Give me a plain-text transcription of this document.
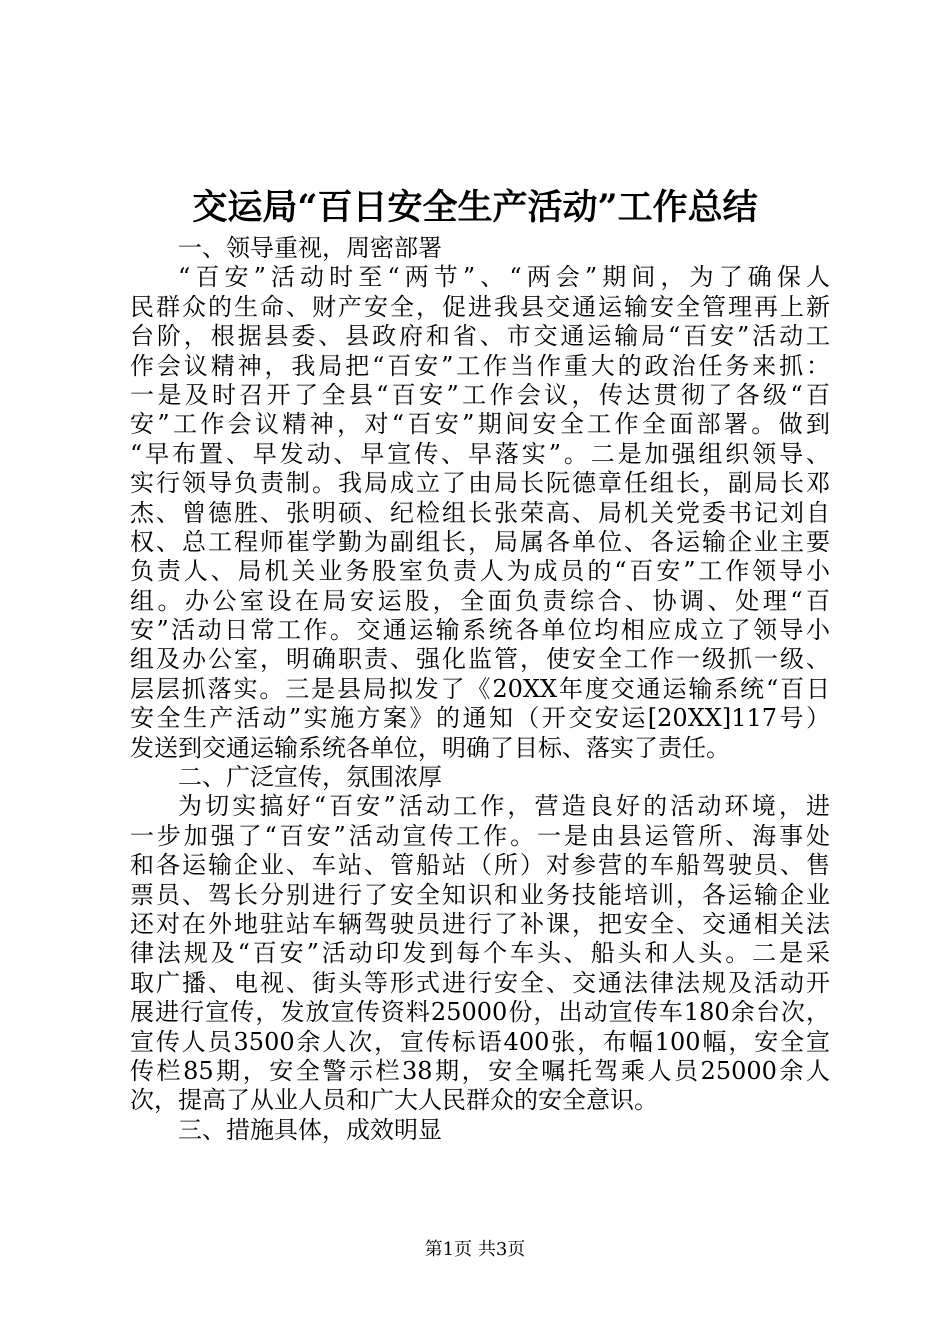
交运局“百日安全生产活动”工作总结
一、领导重视，周密部署
“百安”活动时至“两节”、“两会”期间，为了确保人
民群众的生命、财产安全，促进我县交通运输安全管理再上新
台阶，根据县委、县政府和省、市交通运输局“百安”活动工
作会议精神，我局把“百安”工作当作重大的政治任务来抓：
一是及时召开了全县“百安”工作会议，传达贯彻了各级“百
安”工作会议精神，对“百安”期间安全工作全面部署。做到
“早布置、早发动、早宣传、早落实”。二是加强组织领导、
实行领导负责制。我局成立了由局长阮德章任组长，副局长邓
杰、曾德胜、张明硕、纪检组长张荣高、局机关党委书记刘自
权、总工程师崔学勤为副组长，局属各单位、各运输企业主要
负责人、局机关业务股室负责人为成员的“百安”工作领导小
组。办公室设在局安运股，全面负责综合、协调、处理“百
安”活动日常工作。交通运输系统各单位均相应成立了领导小
组及办公室，明确职责、强化监管，使安全工作一级抓一级、
层层抓落实。三是县局拟发了《20XX年度交通运输系统“百日
安全生产活动”实施方案》的通知（开交安运[20XX]117号）
发送到交通运输系统各单位，明确了目标、落实了责任。
二、广泛宣传，氛围浓厚
为切实搞好“百安”活动工作，营造良好的活动环境，进
一步加强了“百安”活动宣传工作。一是由县运管所、海事处
和各运输企业、车站、管船站（所）对参营的车船驾驶员、售
票员、驾长分别进行了安全知识和业务技能培训，各运输企业
还对在外地驻站车辆驾驶员进行了补课，把安全、交通相关法
律法规及“百安”活动印发到每个车头、船头和人头。二是采
取广播、电视、街头等形式进行安全、交通法律法规及活动开
展进行宣传，发放宣传资料25000份，出动宣传车180余台次，
宣传人员3500余人次，宣传标语400张，布幅100幅，安全宣
传栏85期，安全警示栏38期，安全嘱托驾乘人员25000余人
次，提高了从业人员和广大人民群众的安全意识。
三、措施具体，成效明显
第1页 共3页
